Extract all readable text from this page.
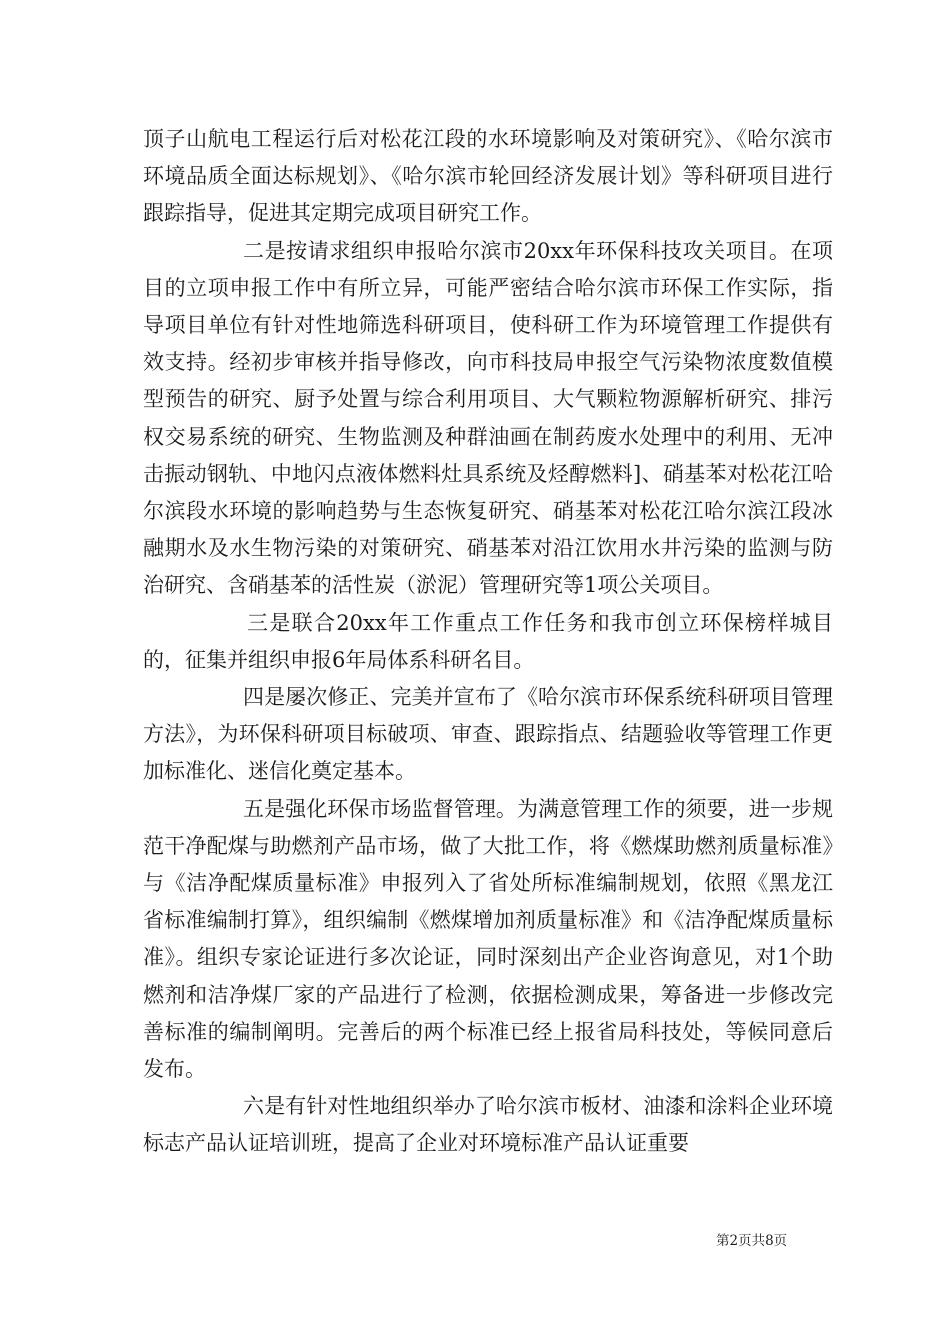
顶子山航电工程运行后对松花江段的水环境影响及对策研究》、《哈尔滨市环境品质全面达标规划》、《哈尔滨市轮回经济发展计划》等科研项目进行跟踪指导，促进其定期完成项目研究工作。

二是按请求组织申报哈尔滨市20xx年环保科技攻关项目。在项目的立项申报工作中有所立异，可能严密结合哈尔滨市环保工作实际，指导项目单位有针对性地筛选科研项目，使科研工作为环境管理工作提供有效支持。经初步审核并指导修改，向市科技局申报空气污染物浓度数值模型预告的研究、厨予处置与综合利用项目、大气颗粒物源解析研究、排污权交易系统的研究、生物监测及种群油画在制药废水处理中的利用、无冲击振动钢轨、中地闪点液体燃料灶具系统及烃醇燃料]、硝基苯对松花江哈尔滨段水环境的影响趋势与生态恢复研究、硝基苯对松花江哈尔滨江段冰融期水及水生物污染的对策研究、硝基苯对沿江饮用水井污染的监测与防治研究、含硝基苯的活性炭（淤泥）管理研究等1项公关项目。

三是联合20xx年工作重点工作任务和我市创立环保榜样城目的，征集并组织申报6年局体系科研名目。

四是屡次修正、完美并宣布了《哈尔滨市环保系统科研项目管理方法》，为环保科研项目标破项、审查、跟踪指点、结题验收等管理工作更加标准化、迷信化奠定基本。

五是强化环保市场监督管理。为满意管理工作的须要，进一步规范干净配煤与助燃剂产品市场，做了大批工作，将《燃煤助燃剂质量标准》与《洁净配煤质量标准》申报列入了省处所标准编制规划，依照《黑龙江省标准编制打算》，组织编制《燃煤增加剂质量标准》和《洁净配煤质量标准》。组织专家论证进行多次论证，同时深刻出产企业咨询意见，对1个助燃剂和洁净煤厂家的产品进行了检测，依据检测成果，筹备进一步修改完善标准的编制阐明。完善后的两个标准已经上报省局科技处，等候同意后发布。

六是有针对性地组织举办了哈尔滨市板材、油漆和涂料企业环境标志产品认证培训班，提高了企业对环境标准产品认证重要

第2页共8页
